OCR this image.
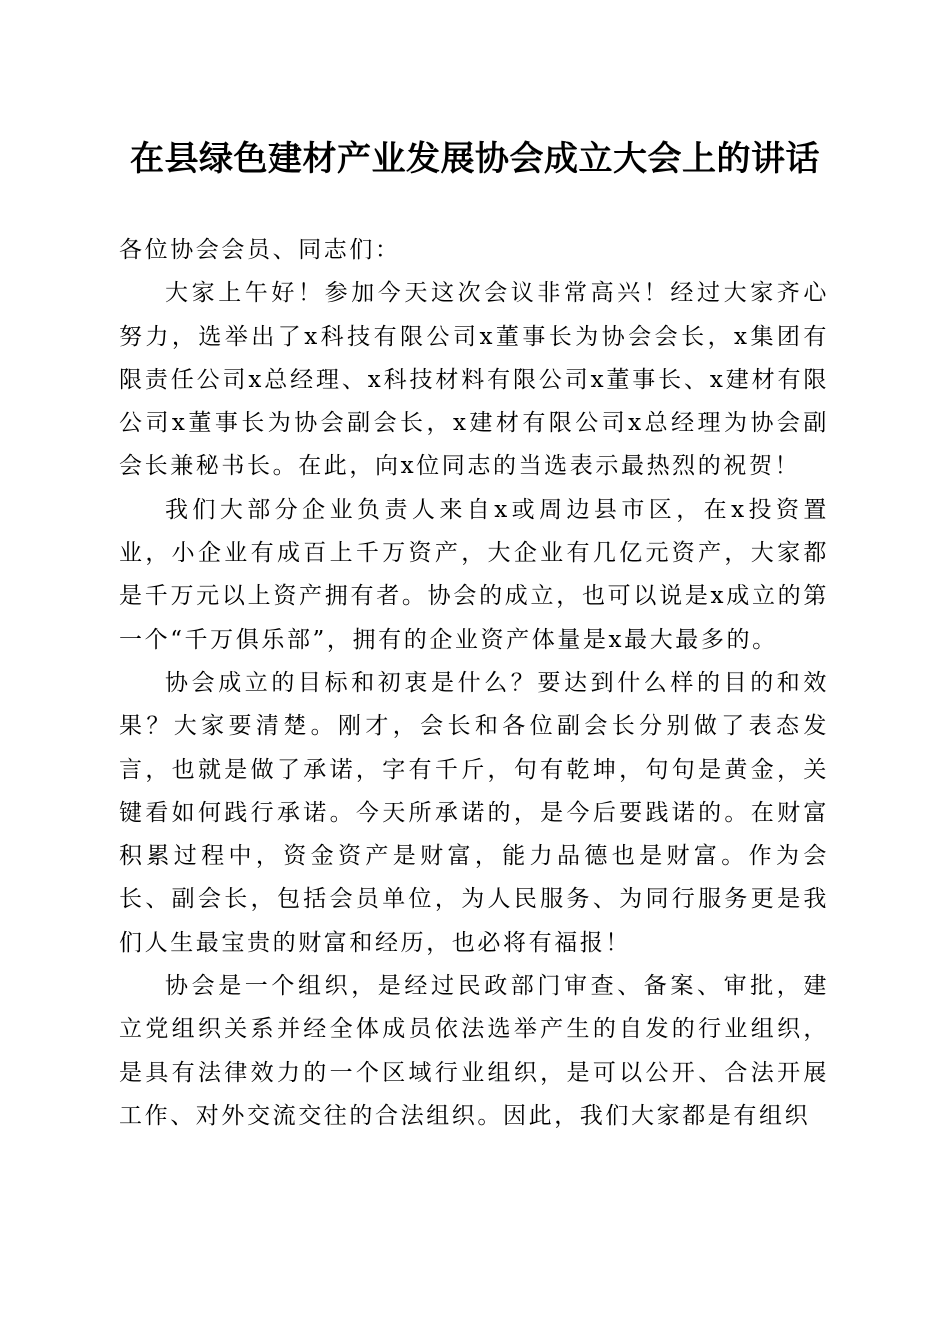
在县绿色建材产业发展协会成立大会上的讲话

各位协会会员、同志们：

大家上午好！参加今天这次会议非常高兴！经过大家齐心努力，选举出了x科技有限公司x董事长为协会会长，x集团有限责任公司x总经理、x科技材料有限公司x董事长、x建材有限公司x董事长为协会副会长，x建材有限公司x总经理为协会副会长兼秘书长。在此，向x位同志的当选表示最热烈的祝贺！

我们大部分企业负责人来自x或周边县市区，在x投资置业，小企业有成百上千万资产，大企业有几亿元资产，大家都是千万元以上资产拥有者。协会的成立，也可以说是x成立的第一个“千万俱乐部”，拥有的企业资产体量是x最大最多的。

协会成立的目标和初衷是什么？要达到什么样的目的和效果？大家要清楚。刚才，会长和各位副会长分别做了表态发言，也就是做了承诺，字有千斤，句有乾坤，句句是黄金，关键看如何践行承诺。今天所承诺的，是今后要践诺的。在财富积累过程中，资金资产是财富，能力品德也是财富。作为会长、副会长，包括会员单位，为人民服务、为同行服务更是我们人生最宝贵的财富和经历，也必将有福报！

协会是一个组织，是经过民政部门审查、备案、审批，建立党组织关系并经全体成员依法选举产生的自发的行业组织，是具有法律效力的一个区域行业组织，是可以公开、合法开展工作、对外交流交往的合法组织。因此，我们大家都是有组织
